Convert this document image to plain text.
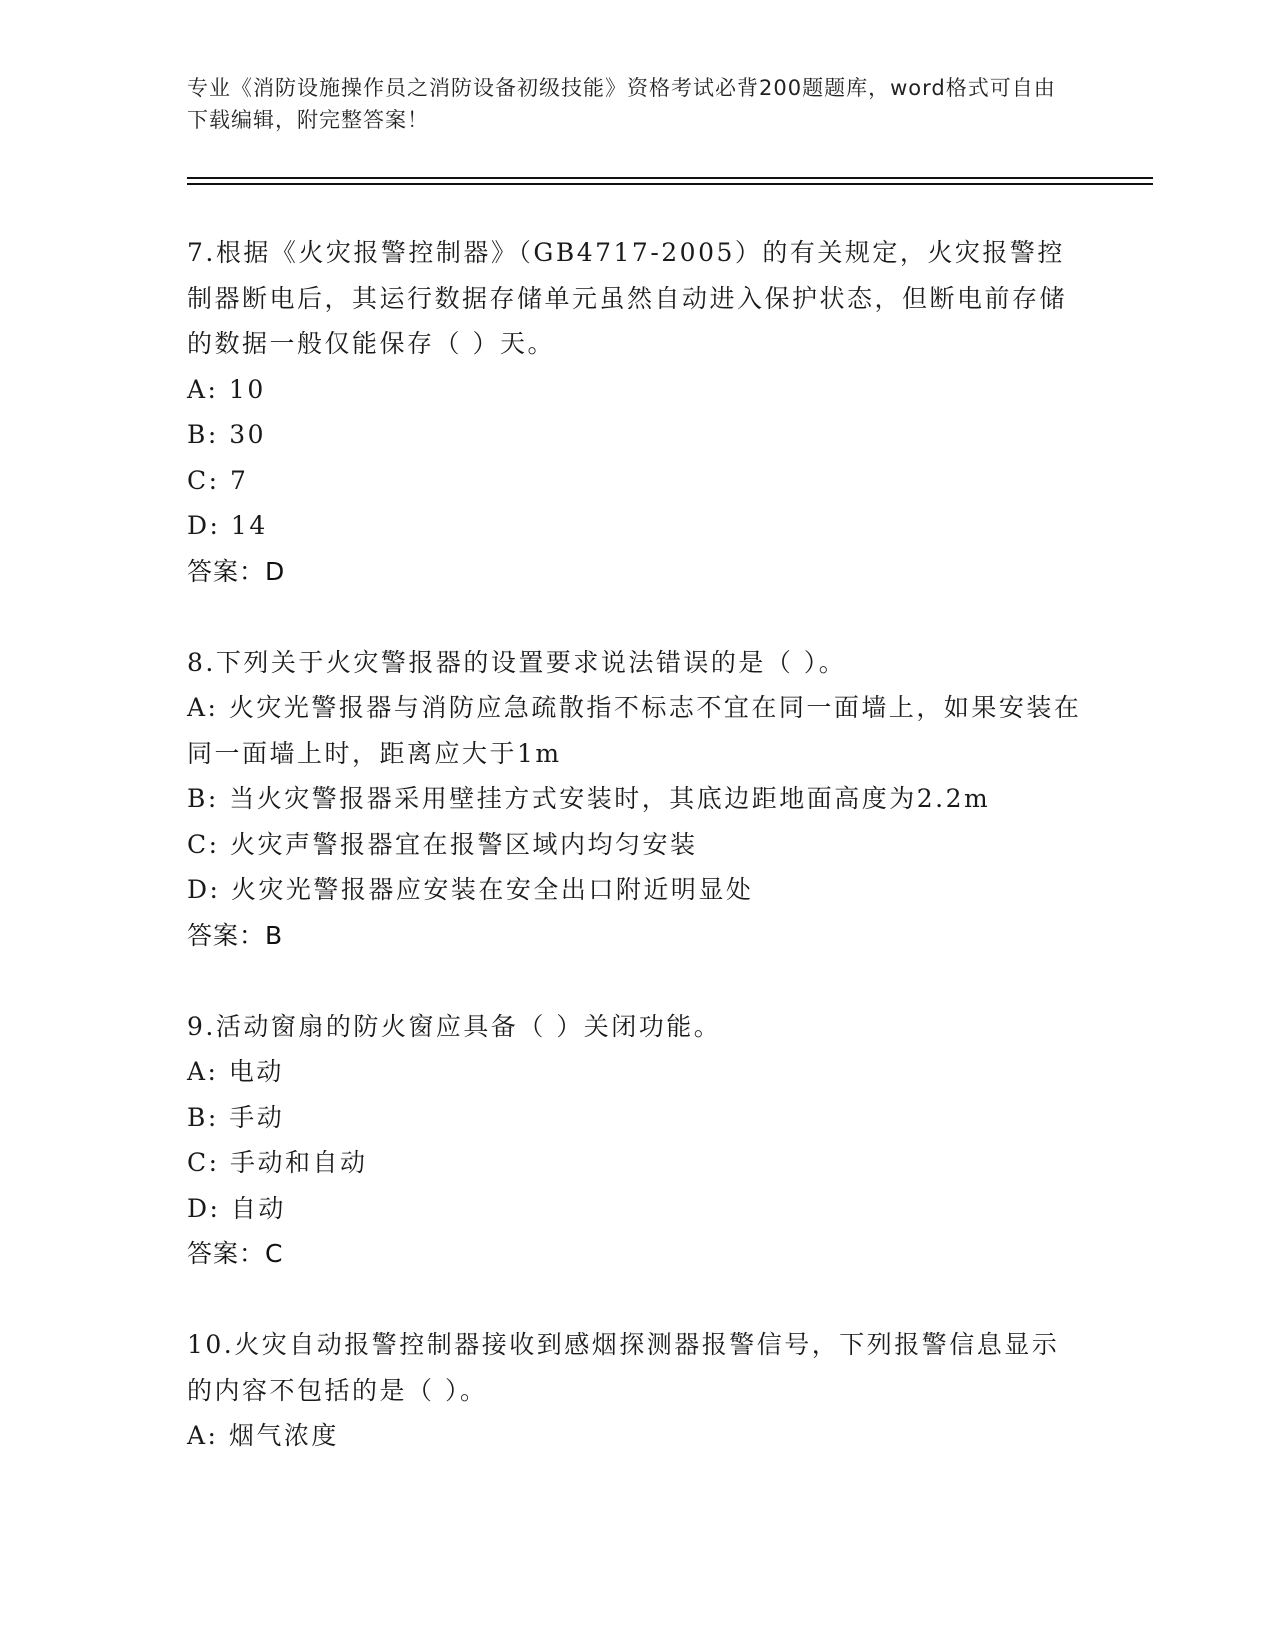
专业《消防设施操作员之消防设备初级技能》资格考试必背200题题库，word格式可自由下载编辑，附完整答案！
7.根据《火灾报警控制器》（GB4717-2005）的有关规定，火灾报警控制器断电后，其运行数据存储单元虽然自动进入保护状态，但断电前存储的数据一般仅能保存（ ）天。
A: 10
B: 30
C: 7
D: 14
答案：D
8.下列关于火灾警报器的设置要求说法错误的是（ ）。
A: 火灾光警报器与消防应急疏散指不标志不宜在同一面墙上，如果安装在同一面墙上时，距离应大于1m
B: 当火灾警报器采用壁挂方式安装时，其底边距地面高度为2.2m
C: 火灾声警报器宜在报警区域内均匀安装
D: 火灾光警报器应安装在安全出口附近明显处
答案：B
9.活动窗扇的防火窗应具备（ ）关闭功能。
A: 电动
B: 手动
C: 手动和自动
D: 自动
答案：C
10.火灾自动报警控制器接收到感烟探测器报警信号，下列报警信息显示的内容不包括的是（ ）。
A: 烟气浓度
